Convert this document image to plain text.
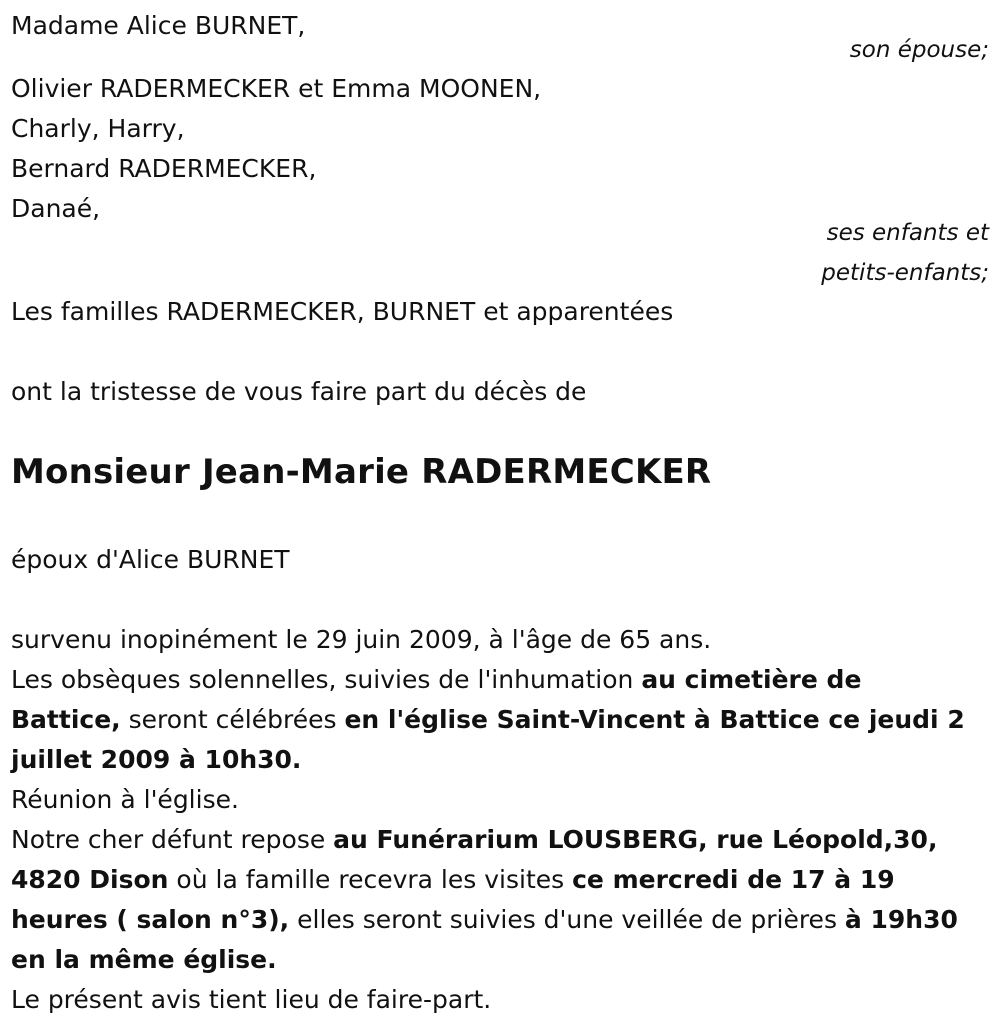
Madame Alice BURNET,
son épouse;
Olivier RADERMECKER et Emma MOONEN,
Charly, Harry,
Bernard RADERMECKER,
Danaé,
ses enfants et
petits-enfants;
Les familles RADERMECKER, BURNET et apparentées
ont la tristesse de vous faire part du décès de
Monsieur Jean-Marie RADERMECKER
époux d'Alice BURNET
survenu inopinément le 29 juin 2009, à l'âge de 65 ans.
Les obsèques solennelles, suivies de l'inhumation au cimetière de
Battice, seront célébrées en l'église Saint-Vincent à Battice ce jeudi 2
juillet 2009 à 10h30.
Réunion à l'église.
Notre cher défunt repose au Funérarium LOUSBERG, rue Léopold,30,
4820 Dison où la famille recevra les visites ce mercredi de 17 à 19
heures ( salon n°3), elles seront suivies d'une veillée de prières à 19h30
en la même église.
Le présent avis tient lieu de faire-part.
